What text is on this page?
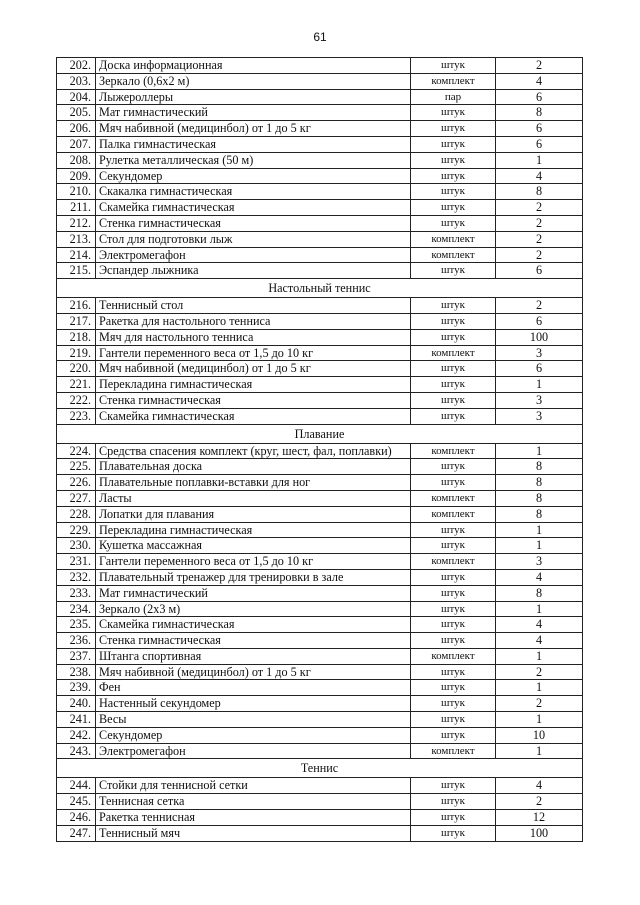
61
202.	Доска информационная	штук	2
203.	Зеркало (0,6х2 м)	комплект	4
204.	Лыжероллеры	пар	6
205.	Мат гимнастический	штук	8
206.	Мяч набивной (медицинбол) от 1 до 5 кг	штук	6
207.	Палка гимнастическая	штук	6
208.	Рулетка металлическая (50 м)	штук	1
209.	Секундомер	штук	4
210.	Скакалка гимнастическая	штук	8
211.	Скамейка гимнастическая	штук	2
212.	Стенка гимнастическая	штук	2
213.	Стол для подготовки лыж	комплект	2
214.	Электромегафон	комплект	2
215.	Эспандер лыжника	штук	6
Настольный теннис			
216.	Теннисный стол	штук	2
217.	Ракетка для настольного тенниса	штук	6
218.	Мяч для настольного тенниса	штук	100
219.	Гантели переменного веса от 1,5 до 10 кг	комплект	3
220.	Мяч набивной (медицинбол) от 1 до 5 кг	штук	6
221.	Перекладина гимнастическая	штук	1
222.	Стенка гимнастическая	штук	3
223.	Скамейка гимнастическая	штук	3
Плавание			
224.	Средства спасения комплект (круг, шест, фал, поплавки)	комплект	1
225.	Плавательная доска	штук	8
226.	Плавательные поплавки-вставки для ног	штук	8
227.	Ласты	комплект	8
228.	Лопатки для плавания	комплект	8
229.	Перекладина гимнастическая	штук	1
230.	Кушетка массажная	штук	1
231.	Гантели переменного веса от 1,5 до 10 кг	комплект	3
232.	Плавательный тренажер для тренировки в зале	штук	4
233.	Мат гимнастический	штук	8
234.	Зеркало (2х3 м)	штук	1
235.	Скамейка гимнастическая	штук	4
236.	Стенка гимнастическая	штук	4
237.	Штанга спортивная	комплект	1
238.	Мяч набивной (медицинбол) от 1 до 5 кг	штук	2
239.	Фен	штук	1
240.	Настенный секундомер	штук	2
241.	Весы	штук	1
242.	Секундомер	штук	10
243.	Электромегафон	комплект	1
Теннис			
244.	Стойки для теннисной сетки	штук	4
245.	Теннисная сетка	штук	2
246.	Ракетка теннисная	штук	12
247.	Теннисный мяч	штук	100
